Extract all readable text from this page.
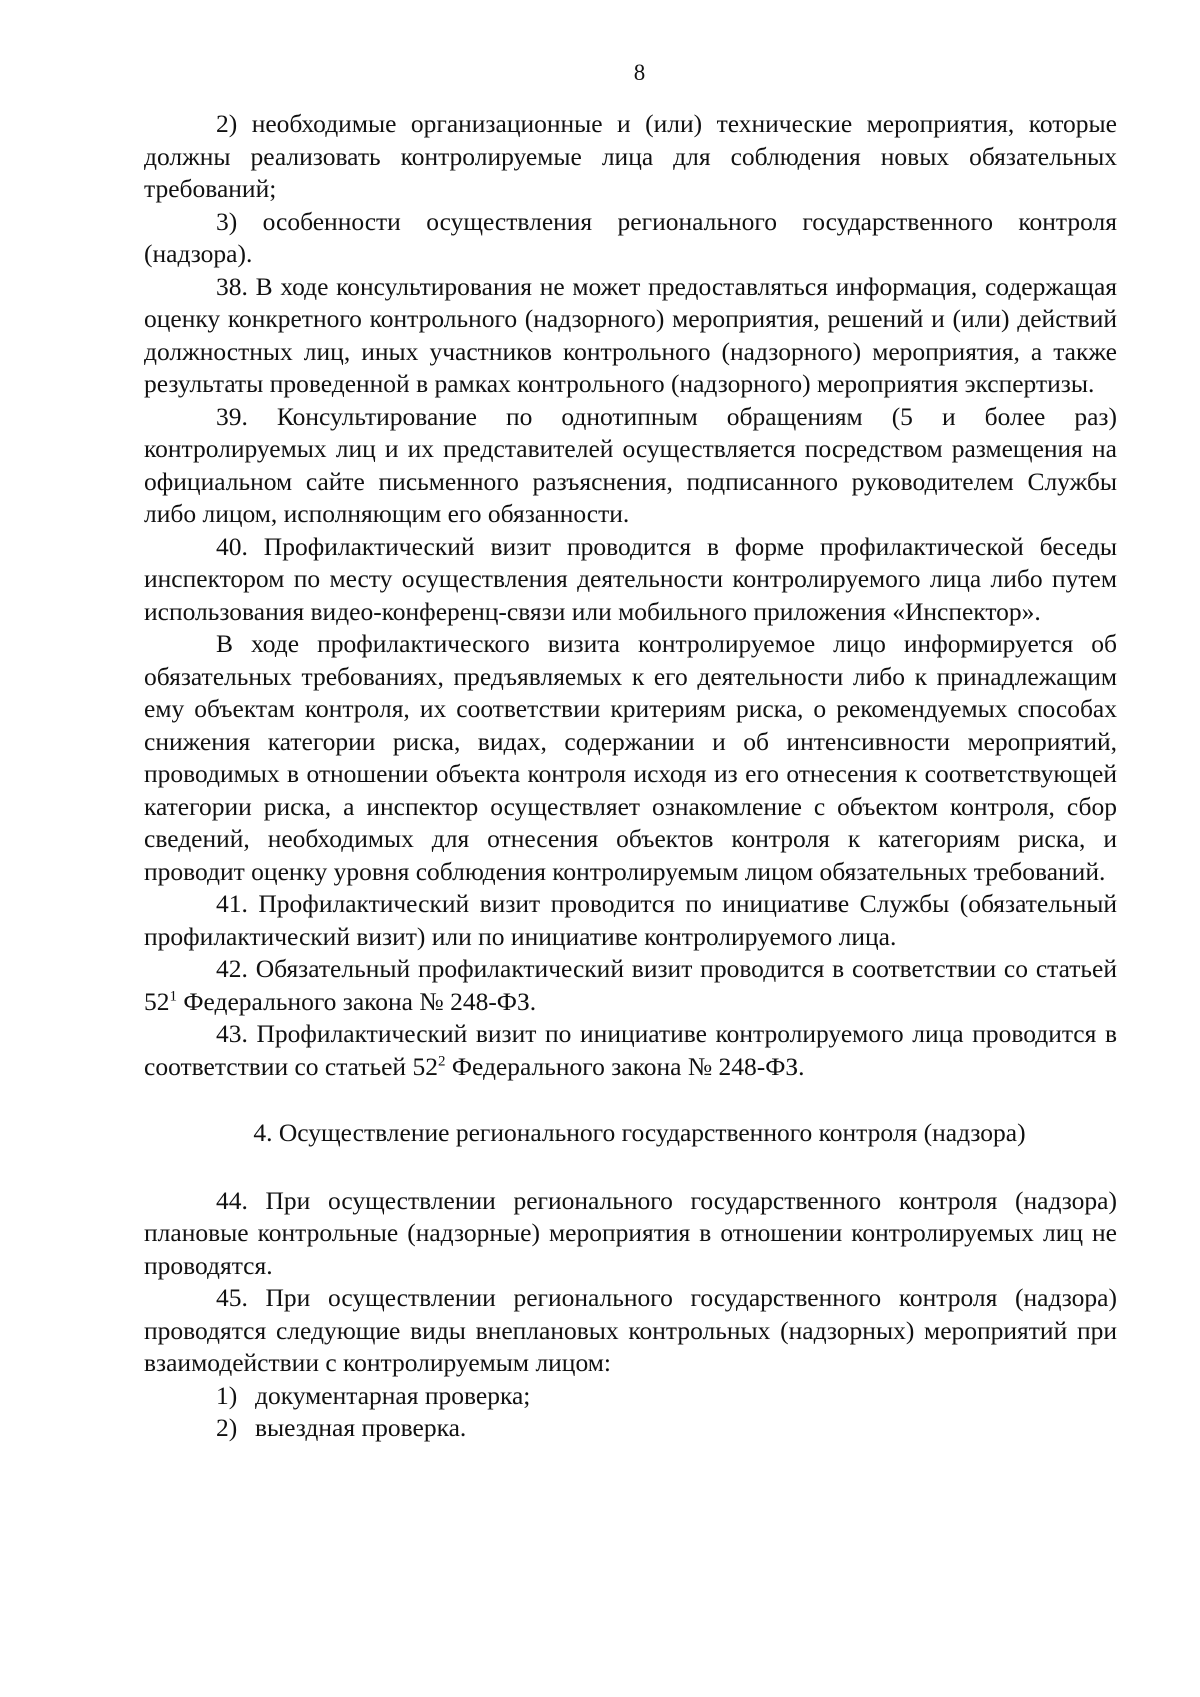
8

2) необходимые организационные и (или) технические мероприятия, которые должны реализовать контролируемые лица для соблюдения новых обязательных требований;

3) особенности осуществления регионального государственного контроля (надзора).

38. В ходе консультирования не может предоставляться информация, содержащая оценку конкретного контрольного (надзорного) мероприятия, решений и (или) действий должностных лиц, иных участников контрольного (надзорного) мероприятия, а также результаты проведенной в рамках контрольного (надзорного) мероприятия экспертизы.

39. Консультирование по однотипным обращениям (5 и более раз) контролируемых лиц и их представителей осуществляется посредством размещения на официальном сайте письменного разъяснения, подписанного руководителем Службы либо лицом, исполняющим его обязанности.

40. Профилактический визит проводится в форме профилактической беседы инспектором по месту осуществления деятельности контролируемого лица либо путем использования видео-конференц-связи или мобильного приложения «Инспектор».

В ходе профилактического визита контролируемое лицо информируется об обязательных требованиях, предъявляемых к его деятельности либо к принадлежащим ему объектам контроля, их соответствии критериям риска, о рекомендуемых способах снижения категории риска, видах, содержании и об интенсивности мероприятий, проводимых в отношении объекта контроля исходя из его отнесения к соответствующей категории риска, а инспектор осуществляет ознакомление с объектом контроля, сбор сведений, необходимых для отнесения объектов контроля к категориям риска, и проводит оценку уровня соблюдения контролируемым лицом обязательных требований.

41. Профилактический визит проводится по инициативе Службы (обязательный профилактический визит) или по инициативе контролируемого лица.

42. Обязательный профилактический визит проводится в соответствии со статьей $52^1$ Федерального закона № 248-ФЗ.

43. Профилактический визит по инициативе контролируемого лица проводится в соответствии со статьей $52^2$ Федерального закона № 248-ФЗ.

4. Осуществление регионального государственного контроля (надзора)

44. При осуществлении регионального государственного контроля (надзора) плановые контрольные (надзорные) мероприятия в отношении контролируемых лиц не проводятся.

45. При осуществлении регионального государственного контроля (надзора) проводятся следующие виды внеплановых контрольных (надзорных) мероприятий при взаимодействии с контролируемым лицом:

1) документарная проверка;

2) выездная проверка.
